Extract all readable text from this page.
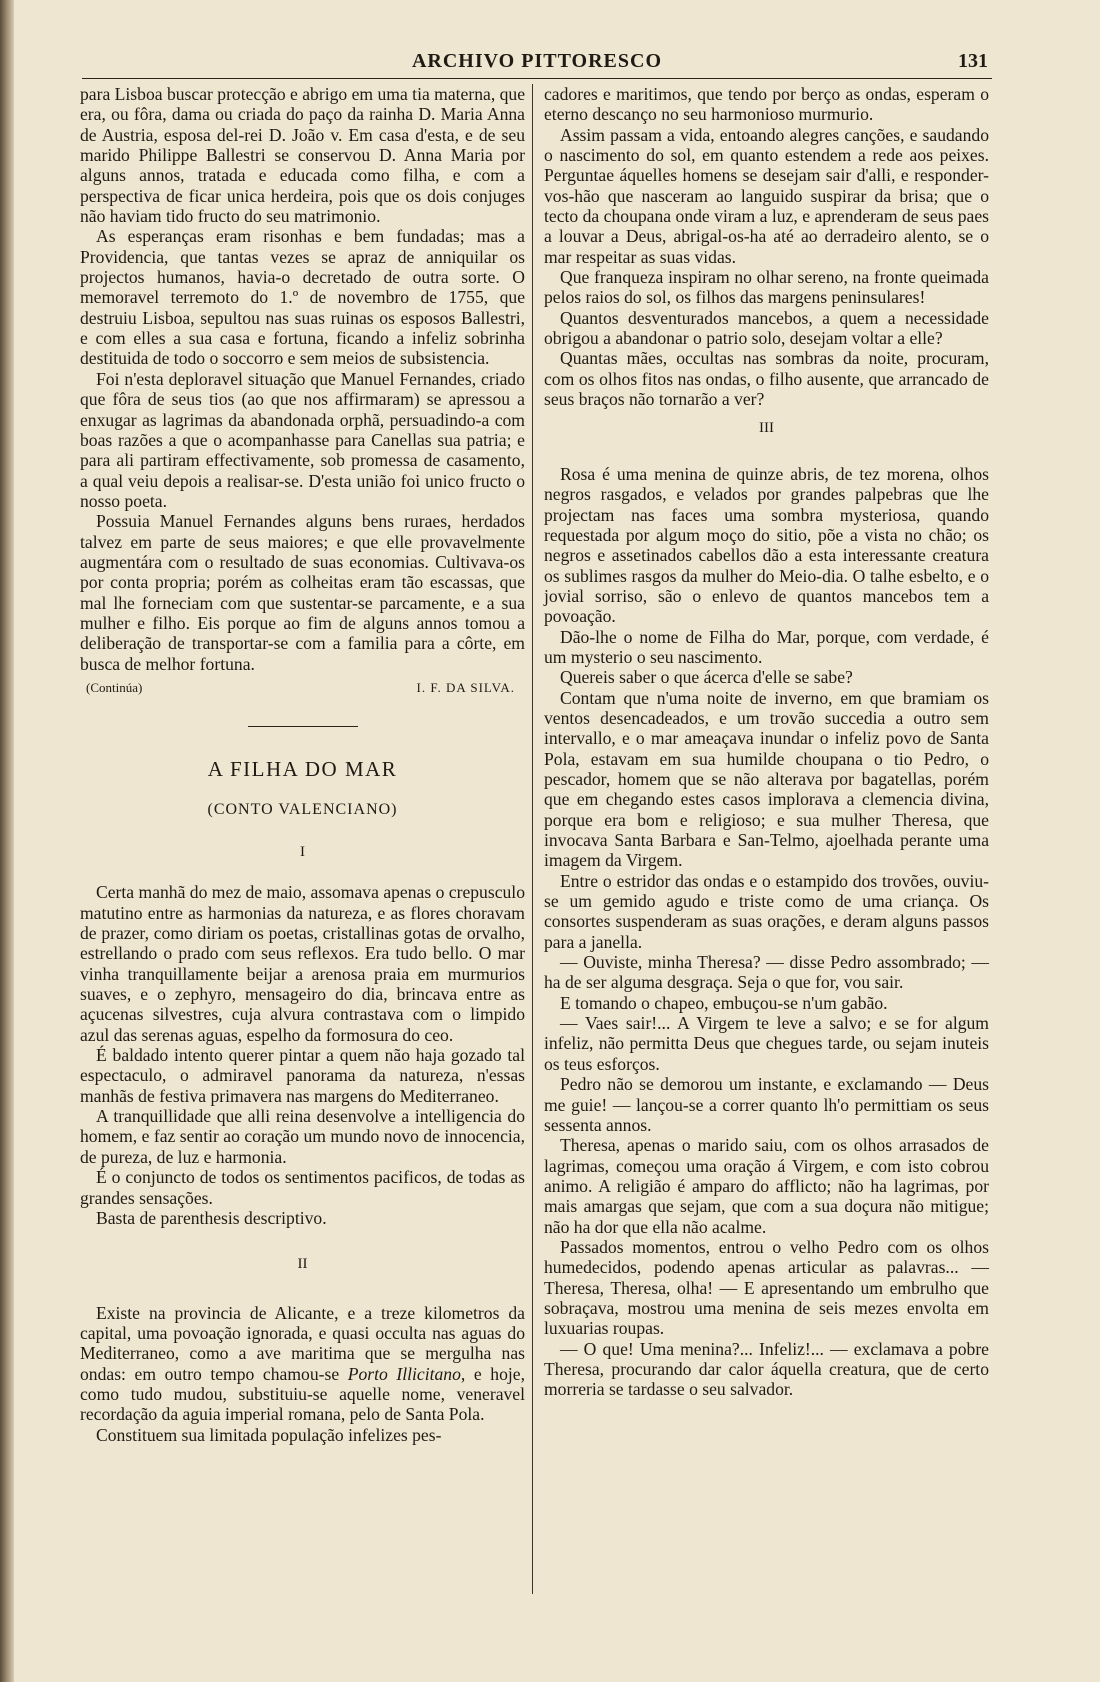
ARCHIVO PITTORESCO	131

para Lisboa buscar protecção e abrigo em uma tia materna, que era, ou fôra, dama ou criada do paço da rainha D. Maria Anna de Austria, esposa del-rei D. João v. Em casa d'esta, e de seu marido Philippe Ballestri se conservou D. Anna Maria por alguns annos, tratada e educada como filha, e com a perspectiva de ficar unica herdeira, pois que os dois conjuges não haviam tido fructo do seu matrimonio.

As esperanças eram risonhas e bem fundadas; mas a Providencia, que tantas vezes se apraz de anniquilar os projectos humanos, havia-o decretado de outra sorte. O memoravel terremoto do 1.º de novembro de 1755, que destruiu Lisboa, sepultou nas suas ruinas os esposos Ballestri, e com elles a sua casa e fortuna, ficando a infeliz sobrinha destituida de todo o soccorro e sem meios de subsistencia.

Foi n'esta deploravel situação que Manuel Fernandes, criado que fôra de seus tios (ao que nos affirmaram) se apressou a enxugar as lagrimas da abandonada orphã, persuadindo-a com boas razões a que o acompanhasse para Canellas sua patria; e para ali partiram effectivamente, sob promessa de casamento, a qual veiu depois a realisar-se. D'esta união foi unico fructo o nosso poeta.

Possuia Manuel Fernandes alguns bens ruraes, herdados talvez em parte de seus maiores; e que elle provavelmente augmentára com o resultado de suas economias. Cultivava-os por conta propria; porém as colheitas eram tão escassas, que mal lhe forneciam com que sustentar-se parcamente, e a sua mulher e filho. Eis porque ao fim de alguns annos tomou a deliberação de transportar-se com a familia para a côrte, em busca de melhor fortuna.

(Continúa)	I. F. DA SILVA.
A FILHA DO MAR
(CONTO VALENCIANO)
I

Certa manhã do mez de maio, assomava apenas o crepusculo matutino entre as harmonias da natureza, e as flores choravam de prazer, como diriam os poetas, cristallinas gotas de orvalho, estrellando o prado com seus reflexos. Era tudo bello. O mar vinha tranquillamente beijar a arenosa praia em murmurios suaves, e o zephyro, mensageiro do dia, brincava entre as açucenas silvestres, cuja alvura contrastava com o limpido azul das serenas aguas, espelho da formosura do ceo.

É baldado intento querer pintar a quem não haja gozado tal espectaculo, o admiravel panorama da natureza, n'essas manhãs de festiva primavera nas margens do Mediterraneo.

A tranquillidade que alli reina desenvolve a intelligencia do homem, e faz sentir ao coração um mundo novo de innocencia, de pureza, de luz e harmonia.

É o conjuncto de todos os sentimentos pacificos, de todas as grandes sensações.

Basta de parenthesis descriptivo.

II

Existe na provincia de Alicante, e a treze kilometros da capital, uma povoação ignorada, e quasi occulta nas aguas do Mediterraneo, como a ave maritima que se mergulha nas ondas: em outro tempo chamou-se Porto Illicitano, e hoje, como tudo mudou, substituiu-se aquelle nome, veneravel recordação da aguia imperial romana, pelo de Santa Pola.

Constituem sua limitada população infelizes pes-

cadores e maritimos, que tendo por berço as ondas, esperam o eterno descanço no seu harmonioso murmurio.

Assim passam a vida, entoando alegres canções, e saudando o nascimento do sol, em quanto estendem a rede aos peixes. Perguntae áquelles homens se desejam sair d'alli, e responder-vos-hão que nasceram ao languido suspirar da brisa; que o tecto da choupana onde viram a luz, e aprenderam de seus paes a louvar a Deus, abrigal-os-ha até ao derradeiro alento, se o mar respeitar as suas vidas.

Que franqueza inspiram no olhar sereno, na fronte queimada pelos raios do sol, os filhos das margens peninsulares!

Quantos desventurados mancebos, a quem a necessidade obrigou a abandonar o patrio solo, desejam voltar a elle?

Quantas mães, occultas nas sombras da noite, procuram, com os olhos fitos nas ondas, o filho ausente, que arrancado de seus braços não tornarão a ver?

III

Rosa é uma menina de quinze abris, de tez morena, olhos negros rasgados, e velados por grandes palpebras que lhe projectam nas faces uma sombra mysteriosa, quando requestada por algum moço do sitio, põe a vista no chão; os negros e assetinados cabellos dão a esta interessante creatura os sublimes rasgos da mulher do Meio-dia. O talhe esbelto, e o jovial sorriso, são o enlevo de quantos mancebos tem a povoação.

Dão-lhe o nome de Filha do Mar, porque, com verdade, é um mysterio o seu nascimento.

Quereis saber o que ácerca d'elle se sabe?

Contam que n'uma noite de inverno, em que bramiam os ventos desencadeados, e um trovão succedia a outro sem intervallo, e o mar ameaçava inundar o infeliz povo de Santa Pola, estavam em sua humilde choupana o tio Pedro, o pescador, homem que se não alterava por bagatellas, porém que em chegando estes casos implorava a clemencia divina, porque era bom e religioso; e sua mulher Theresa, que invocava Santa Barbara e San-Telmo, ajoelhada perante uma imagem da Virgem.

Entre o estridor das ondas e o estampido dos trovões, ouviu-se um gemido agudo e triste como de uma criança. Os consortes suspenderam as suas orações, e deram alguns passos para a janella.

— Ouviste, minha Theresa? — disse Pedro assombrado; — ha de ser alguma desgraça. Seja o que for, vou sair.

E tomando o chapeo, embuçou-se n'um gabão.

— Vaes sair!... A Virgem te leve a salvo; e se for algum infeliz, não permitta Deus que chegues tarde, ou sejam inuteis os teus esforços.

Pedro não se demorou um instante, e exclamando — Deus me guie! — lançou-se a correr quanto lh'o permittiam os seus sessenta annos.

Theresa, apenas o marido saiu, com os olhos arrasados de lagrimas, começou uma oração á Virgem, e com isto cobrou animo. A religião é amparo do afflicto; não ha lagrimas, por mais amargas que sejam, que com a sua doçura não mitigue; não ha dor que ella não acalme.

Passados momentos, entrou o velho Pedro com os olhos humedecidos, podendo apenas articular as palavras... — Theresa, Theresa, olha! — E apresentando um embrulho que sobraçava, mostrou uma menina de seis mezes envolta em luxuarias roupas.

— O que! Uma menina?... Infeliz!... — exclamava a pobre Theresa, procurando dar calor áquella creatura, que de certo morreria se tardasse o seu salvador.
